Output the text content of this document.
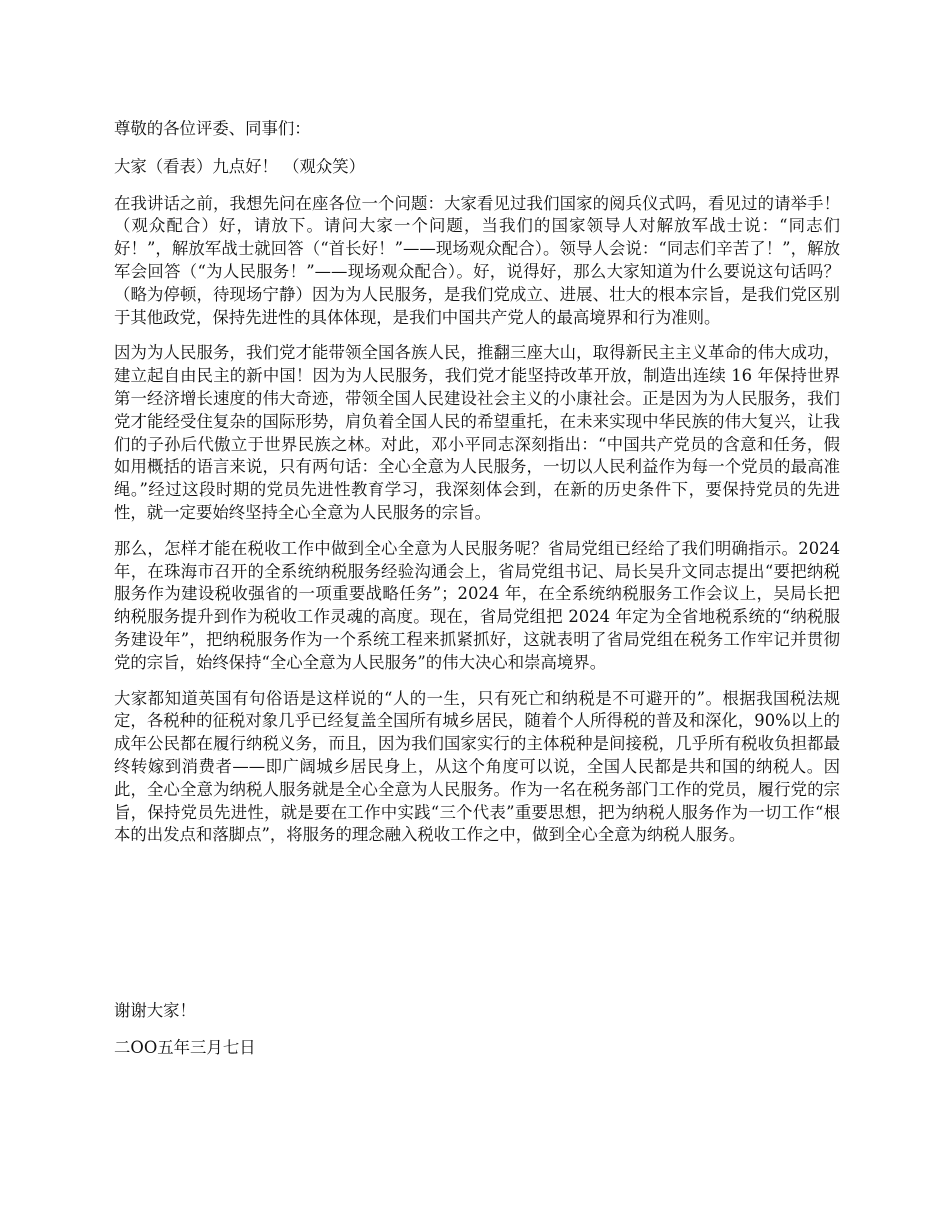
尊敬的各位评委、同事们：

大家（看表）九点好！ （观众笑）

在我讲话之前，我想先问在座各位一个问题：大家看见过我们国家的阅兵仪式吗，看见过的请举手！（观众配合）好，请放下。请问大家一个问题，当我们的国家领导人对解放军战士说：“同志们好！”，解放军战士就回答（“首长好！”——现场观众配合）。领导人会说：“同志们辛苦了！”，解放军会回答（“为人民服务！”——现场观众配合）。好，说得好，那么大家知道为什么要说这句话吗？（略为停顿，待现场宁静）因为为人民服务，是我们党成立、进展、壮大的根本宗旨，是我们党区别于其他政党，保持先进性的具体体现，是我们中国共产党人的最高境界和行为准则。

因为为人民服务，我们党才能带领全国各族人民，推翻三座大山，取得新民主主义革命的伟大成功，建立起自由民主的新中国！因为为人民服务，我们党才能坚持改革开放，制造出连续 16 年保持世界第一经济增长速度的伟大奇迹，带领全国人民建设社会主义的小康社会。正是因为为人民服务，我们党才能经受住复杂的国际形势，肩负着全国人民的希望重托，在未来实现中华民族的伟大复兴，让我们的子孙后代傲立于世界民族之林。对此，邓小平同志深刻指出：“中国共产党员的含意和任务，假如用概括的语言来说，只有两句话：全心全意为人民服务，一切以人民利益作为每一个党员的最高准绳。”经过这段时期的党员先进性教育学习，我深刻体会到，在新的历史条件下，要保持党员的先进性，就一定要始终坚持全心全意为人民服务的宗旨。

那么，怎样才能在税收工作中做到全心全意为人民服务呢？省局党组已经给了我们明确指示。2024 年，在珠海市召开的全系统纳税服务经验沟通会上，省局党组书记、局长吴升文同志提出“要把纳税服务作为建设税收强省的一项重要战略任务”；2024 年，在全系统纳税服务工作会议上，吴局长把纳税服务提升到作为税收工作灵魂的高度。现在，省局党组把 2024 年定为全省地税系统的“纳税服务建设年”，把纳税服务作为一个系统工程来抓紧抓好，这就表明了省局党组在税务工作牢记并贯彻党的宗旨，始终保持“全心全意为人民服务”的伟大决心和崇高境界。

大家都知道英国有句俗语是这样说的“人的一生，只有死亡和纳税是不可避开的”。根据我国税法规定，各税种的征税对象几乎已经复盖全国所有城乡居民，随着个人所得税的普及和深化，90%以上的成年公民都在履行纳税义务，而且，因为我们国家实行的主体税种是间接税，几乎所有税收负担都最终转嫁到消费者——即广阔城乡居民身上，从这个角度可以说，全国人民都是共和国的纳税人。因此，全心全意为纳税人服务就是全心全意为人民服务。作为一名在税务部门工作的党员，履行党的宗旨，保持党员先进性，就是要在工作中实践“三个代表”重要思想，把为纳税人服务作为一切工作“根本的出发点和落脚点”，将服务的理念融入税收工作之中，做到全心全意为纳税人服务。

谢谢大家！

二OO五年三月七日
